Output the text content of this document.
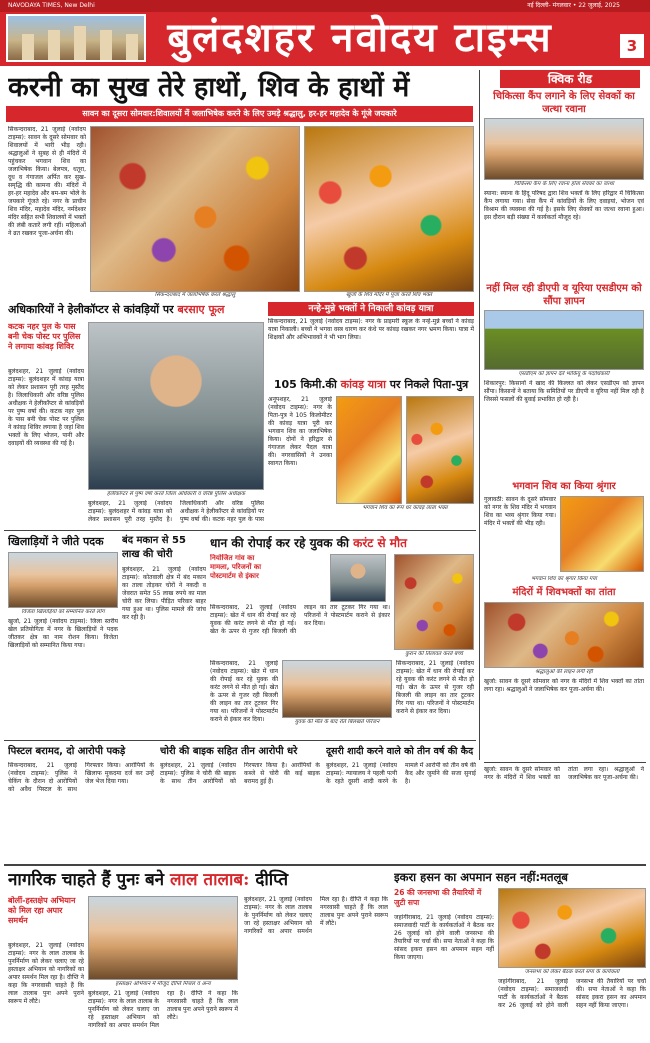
NAVODAYA TIMES, New Delhi	नई दिल्ली- मंगलवार • 22 जुलाई, 2025
बुलंदशहर नवोदय टाइम्स	3
करनी का सुख तेरे हाथों, शिव के हाथों में
सावन का दूसरा सोमवार:शिवालयों में जलाभिषेक करने के लिए उमड़े श्रद्धालु, हर-हर महादेव के गूंजे जयकारे
सिकन्दराबाद, 21 जुलाई (नवोदय टाइम्स): सावन के दूसरे सोमवार को शिवालयों में भारी भीड़ रही। श्रद्धालुओं ने सुबह से ही मंदिरों में पहुंचकर भगवान शिव का जलाभिषेक किया। बेलपत्र, धतूरा, दूध व गंगाजल अर्पित कर सुख-समृद्धि की कामना की। मंदिरों में हर-हर महादेव और बम-बम भोले के जयकारे गूंजते रहे। नगर के प्राचीन शिव मंदिर, महादेव मंदिर, नर्मदेश्वर मंदिर सहित सभी शिवालयों में भक्तों की लंबी कतारें लगी रहीं। महिलाओं ने व्रत रखकर पूजा-अर्चना की।
सिकन्दराबाद में जलाभिषेक करते श्रद्धालु	खुर्जा के शिव मंदिर में पूजा करते शिव भक्त
क्विक रीड
चिकित्सा कैंप लगाने के लिए सेवकों का जत्था रवाना
चिकित्सा कैंप के लिए रवाना होता सेवकों का जत्था
स्याना: स्याना के हिंदू परिषद द्वारा शिव भक्तों के लिए हरिद्वार में चिकित्सा कैंप लगाया गया। सेवा कैंप में कांवड़ियों के लिए दवाइयां, भोजन एवं विश्राम की व्यवस्था की गई है। इसके लिए सेवकों का जत्था रवाना हुआ। इस दौरान बड़ी संख्या में कार्यकर्ता मौजूद रहे।
नहीं मिल रही डीएपी व यूरिया एसडीएम को सौंपा ज्ञापन
एसडीएम को ज्ञापन देते भाकियू के पदाधिकारी
शिकारपुर: किसानों ने खाद की किल्लत को लेकर एसडीएम को ज्ञापन सौंपा। किसानों ने बताया कि समितियों पर डीएपी व यूरिया नहीं मिल रही है जिससे फसलों की बुवाई प्रभावित हो रही है।
भगवान शिव का किया श्रृंगार
गुलावठी: सावन के दूसरे सोमवार को नगर के शिव मंदिर में भगवान शिव का भव्य श्रृंगार किया गया। मंदिर में भक्तों की भीड़ रही।
भगवान शिव का श्रृंगार किया गया
मंदिरों में शिवभक्तों का तांता
श्रद्धालुओं की लाइन लगी रही
खुर्जा: सावन के दूसरे सोमवार को नगर के मंदिरों में शिव भक्तों का तांता लगा रहा। श्रद्धालुओं ने जलाभिषेक कर पूजा-अर्चना की।
अधिकारियों ने हेलीकॉप्टर से कांवड़ियों पर बरसाए फूल
कटक नहर पुल के पास बनी चेक पोस्ट पर पुलिस ने लगाया कांवड़ शिविर
बुलंदशहर, 21 जुलाई (नवोदय टाइम्स): बुलंदशहर में कांवड़ यात्रा को लेकर प्रशासन पूरी तरह मुस्तैद है। जिलाधिकारी और वरिष्ठ पुलिस अधीक्षक ने हेलीकॉप्टर से कांवड़ियों पर पुष्प वर्षा की। कटक नहर पुल के पास बनी चेक पोस्ट पर पुलिस ने कांवड़ शिविर लगाया है जहां शिव भक्तों के लिए भोजन, पानी और दवाइयों की व्यवस्था की गई है।
हेलीकॉप्टर से पुष्प वर्षा करते जिला अधिकारी व वरिष्ठ पुलिस अधीक्षक
बुलंदशहर, 21 जुलाई (नवोदय टाइम्स): बुलंदशहर में कांवड़ यात्रा को लेकर प्रशासन पूरी तरह मुस्तैद है। जिलाधिकारी और वरिष्ठ पुलिस अधीक्षक ने हेलीकॉप्टर से कांवड़ियों पर पुष्प वर्षा की। कटक नहर पुल के पास
नन्हे-मुन्ने भक्तों ने निकाली कांवड़ यात्रा
सिकन्दराबाद, 21 जुलाई (नवोदय टाइम्स): नगर के प्राइमरी स्कूल के नन्हे-मुन्ने बच्चों ने कांवड़ यात्रा निकाली। बच्चों ने भगवा वस्त्र धारण कर कंधे पर कांवड़ रखकर नगर भ्रमण किया। यात्रा में शिक्षकों और अभिभावकों ने भी भाग लिया।
105 किमी.की कांवड़ यात्रा पर निकले पिता-पुत्र
अनूपशहर, 21 जुलाई (नवोदय टाइम्स): नगर के पिता-पुत्र ने 105 किलोमीटर की कांवड़ यात्रा पूरी कर भगवान शिव का जलाभिषेक किया। दोनों ने हरिद्वार से गंगाजल लेकर पैदल यात्रा की। नगरवासियों ने उनका स्वागत किया।
भगवान शिव का रूप धर कांवड़ लाता भक्त
खिलाड़ियों ने जीते पदक
विजेता खिलाड़ियों को सम्मानित करते लोग
खुर्जा, 21 जुलाई (नवोदय टाइम्स): जिला स्तरीय खेल प्रतियोगिता में नगर के खिलाड़ियों ने पदक जीतकर क्षेत्र का नाम रोशन किया। विजेता खिलाड़ियों को सम्मानित किया गया।
बंद मकान से 55 लाख की चोरी
बुलंदशहर, 21 जुलाई (नवोदय टाइम्स): कोतवाली क्षेत्र में बंद मकान का ताला तोड़कर चोरों ने नकदी व जेवरात समेत 55 लाख रुपये का माल चोरी कर लिया। पीड़ित परिवार बाहर गया हुआ था। पुलिस मामले की जांच कर रही है।
धान की रोपाई कर रहे युवक की करंट से मौत
नियोजित गांव का मामला, परिजनों का पोस्टमार्टम से इंकार
सिकन्दराबाद, 21 जुलाई (नवोदय टाइम्स): खेत में धान की रोपाई कर रहे युवक की करंट लगने से मौत हो गई। खेत के ऊपर से गुजर रही बिजली की लाइन का तार टूटकर गिर गया था। परिजनों ने पोस्टमार्टम कराने से इंकार कर दिया।
कुरान की तिलावत करते बच्चे
युवक की मौत के बाद रोते बिलखते परिजन
सिकन्दराबाद, 21 जुलाई (नवोदय टाइम्स): खेत में धान की रोपाई कर रहे युवक की करंट लगने से मौत हो गई। खेत के ऊपर से गुजर रही बिजली की लाइन का तार टूटकर गिर गया था। परिजनों ने पोस्टमार्टम कराने से इंकार कर दिया।
सिकन्दराबाद, 21 जुलाई (नवोदय टाइम्स): खेत में धान की रोपाई कर रहे युवक की करंट लगने से मौत हो गई। खेत के ऊपर से गुजर रही बिजली की लाइन का तार टूटकर गिर गया था। परिजनों ने पोस्टमार्टम कराने से इंकार कर दिया।
पिस्टल बरामद, दो आरोपी पकड़े
सिकन्दराबाद, 21 जुलाई (नवोदय टाइम्स): पुलिस ने चेकिंग के दौरान दो आरोपियों को अवैध पिस्टल के साथ गिरफ्तार किया। आरोपियों के खिलाफ मुकदमा दर्ज कर उन्हें जेल भेज दिया गया।
चोरी की बाइक सहित तीन आरोपी धरे
बुलंदशहर, 21 जुलाई (नवोदय टाइम्स): पुलिस ने चोरी की बाइक के साथ तीन आरोपियों को गिरफ्तार किया है। आरोपियों के कब्जे से चोरी की कई बाइक बरामद हुई हैं।
दूसरी शादी करने वाले को तीन वर्ष की कैद
बुलंदशहर, 21 जुलाई (नवोदय टाइम्स): न्यायालय ने पहली पत्नी के रहते दूसरी शादी करने के मामले में आरोपी को तीन वर्ष की कैद और जुर्माने की सजा सुनाई है।
खुर्जा: सावन के दूसरे सोमवार को नगर के मंदिरों में शिव भक्तों का तांता लगा रहा। श्रद्धालुओं ने जलाभिषेक कर पूजा-अर्चना की।
नागरिक चाहते हैं पुनः बने लाल तालाब: दीप्ति
बोलीं-हस्तक्षेप अभियान को मिल रहा अपार समर्थन
बुलंदशहर, 21 जुलाई (नवोदय टाइम्स): नगर के लाल तालाब के पुनर्निर्माण को लेकर चलाए जा रहे हस्ताक्षर अभियान को नागरिकों का अपार समर्थन मिल रहा है। दीप्ति ने कहा कि नगरवासी चाहते हैं कि लाल तालाब पुनः अपने पुराने स्वरूप में लौटे।
हस्ताक्षर अभियान में मौजूद दीप्ति मित्तल व अन्य
बुलंदशहर, 21 जुलाई (नवोदय टाइम्स): नगर के लाल तालाब के पुनर्निर्माण को लेकर चलाए जा रहे हस्ताक्षर अभियान को नागरिकों का अपार समर्थन मिल रहा है। दीप्ति ने कहा कि नगरवासी चाहते हैं कि लाल तालाब पुनः अपने पुराने स्वरूप में लौटे।
बुलंदशहर, 21 जुलाई (नवोदय टाइम्स): नगर के लाल तालाब के पुनर्निर्माण को लेकर चलाए जा रहे हस्ताक्षर अभियान को नागरिकों का अपार समर्थन मिल रहा है। दीप्ति ने कहा कि नगरवासी चाहते हैं कि लाल तालाब पुनः अपने पुराने स्वरूप में लौटे।
इकरा हसन का अपमान सहन नहीं:मतलूब
26 की जनसभा की तैयारियों में जुटी सपा
जहांगीराबाद, 21 जुलाई (नवोदय टाइम्स): समाजवादी पार्टी के कार्यकर्ताओं ने बैठक कर 26 जुलाई को होने वाली जनसभा की तैयारियों पर चर्चा की। सपा नेताओं ने कहा कि सांसद इकरा हसन का अपमान सहन नहीं किया जाएगा।
जनसभा को लेकर बैठक करते सपा के कार्यकर्ता
जहांगीराबाद, 21 जुलाई (नवोदय टाइम्स): समाजवादी पार्टी के कार्यकर्ताओं ने बैठक कर 26 जुलाई को होने वाली जनसभा की तैयारियों पर चर्चा की। सपा नेताओं ने कहा कि सांसद इकरा हसन का अपमान सहन नहीं किया जाएगा।
